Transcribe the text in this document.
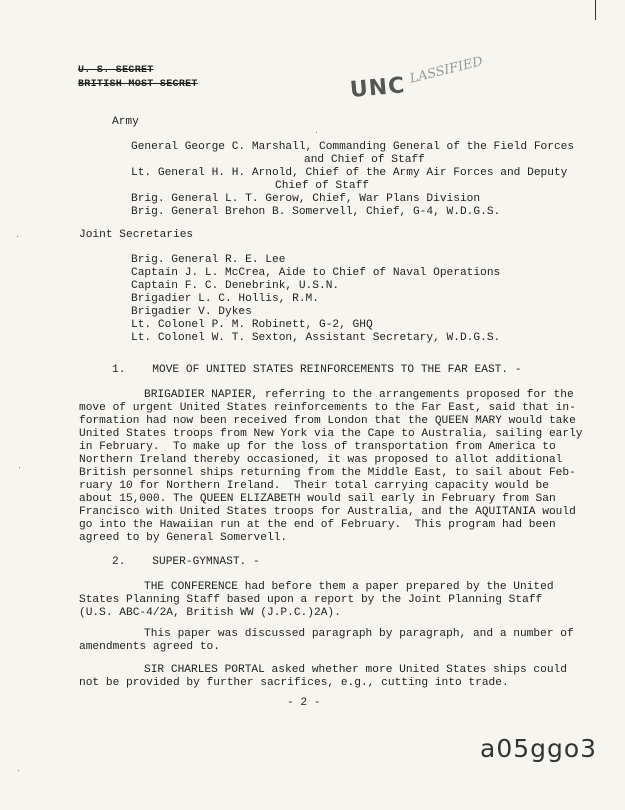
U. S. SECRET
BRITISH MOST SECRET	UNC
LASSIFIED
Army
General George C. Marshall, Commanding General of the Field Forces
and Chief of Staff
Lt. General H. H. Arnold, Chief of the Army Air Forces and Deputy
Chief of Staff
Brig. General L. T. Gerow, Chief, War Plans Division
Brig. General Brehon B. Somervell, Chief, G-4, W.D.G.S.
Joint Secretaries
Brig. General R. E. Lee
Captain J. L. McCrea, Aide to Chief of Naval Operations
Captain F. C. Denebrink, U.S.N.
Brigadier L. C. Hollis, R.M.
Brigadier V. Dykes
Lt. Colonel P. M. Robinett, G-2, GHQ
Lt. Colonel W. T. Sexton, Assistant Secretary, W.D.G.S.
1.    MOVE OF UNITED STATES REINFORCEMENTS TO THE FAR EAST. -
BRIGADIER NAPIER, referring to the arrangements proposed for the
move of urgent United States reinforcements to the Far East, said that in-
formation had now been received from London that the QUEEN MARY would take
United States troops from New York via the Cape to Australia, sailing early
in February.  To make up for the loss of transportation from America to
Northern Ireland thereby occasioned, it was proposed to allot additional
British personnel ships returning from the Middle East, to sail about Feb-
ruary 10 for Northern Ireland.  Their total carrying capacity would be
about 15,000. The QUEEN ELIZABETH would sail early in February from San
Francisco with United States troops for Australia, and the AQUITANIA would
go into the Hawaiian run at the end of February.  This program had been
agreed to by General Somervell.
2.    SUPER-GYMNAST. -
THE CONFERENCE had before them a paper prepared by the United
States Planning Staff based upon a report by the Joint Planning Staff
(U.S. ABC-4/2A, British WW (J.P.C.)2A).
This paper was discussed paragraph by paragraph, and a number of
amendments agreed to.
SIR CHARLES PORTAL asked whether more United States ships could
not be provided by further sacrifices, e.g., cutting into trade.
- 2 -
a05ggo3
